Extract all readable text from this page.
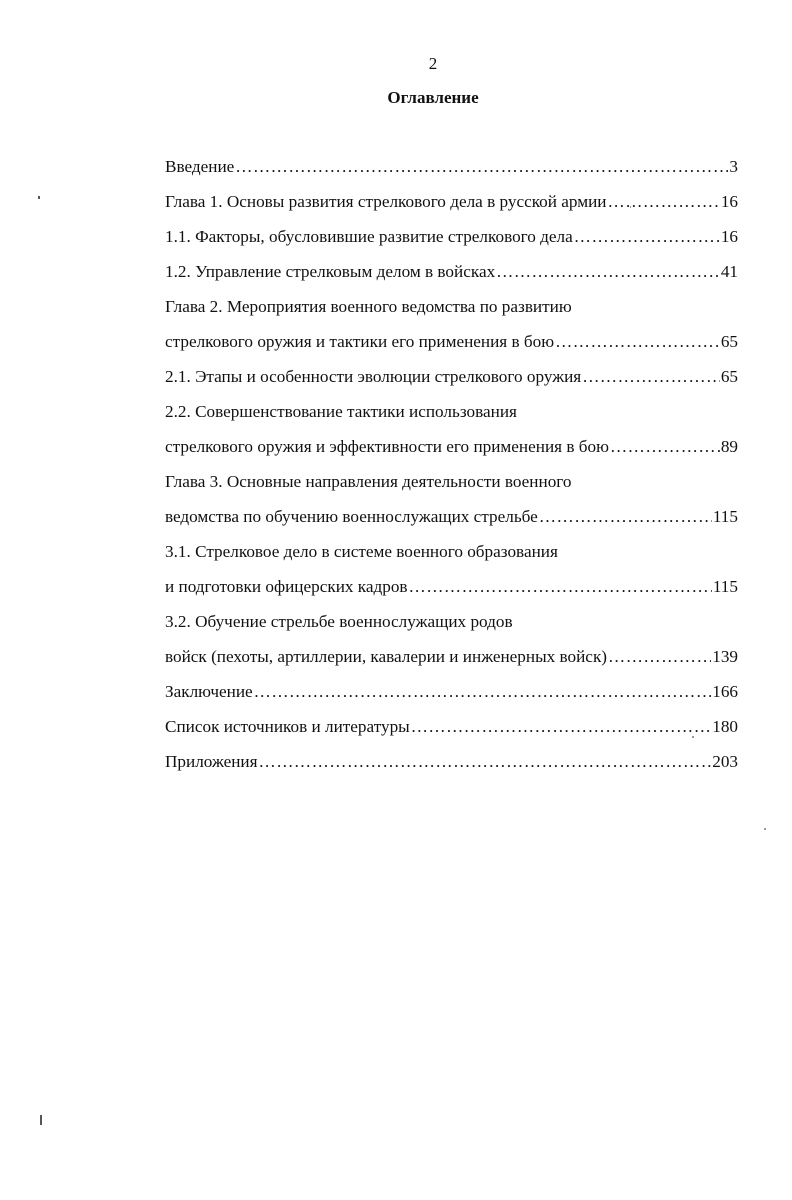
2
Оглавление
Введение ………………………………………………………………………………………………………………………………………………………………	3
Глава 1. Основы развития стрелкового дела в русской армии ………………………………………………………………………………………………………………………………………………………………	16
1.1. Факторы, обусловившие развитие стрелкового дела ………………………………………………………………………………………………………………………………………………………………	16
1.2. Управление стрелковым делом в войсках ………………………………………………………………………………………………………………………………………………………………	41
Глава 2. Мероприятия военного ведомства по развитию
стрелкового оружия и тактики его применения в бою ………………………………………………………………………………………………………………………………………………………………	65
2.1. Этапы и особенности эволюции стрелкового оружия ………………………………………………………………………………………………………………………………………………………………	65
2.2. Совершенствование тактики использования
стрелкового оружия и эффективности его применения в бою ………………………………………………………………………………………………………………………………………………………………	89
Глава 3. Основные направления деятельности военного
ведомства по обучению военнослужащих стрельбе ………………………………………………………………………………………………………………………………………………………………	115
3.1. Стрелковое дело в системе военного образования
и подготовки офицерских кадров ………………………………………………………………………………………………………………………………………………………………	115
3.2. Обучение стрельбе военнослужащих родов
войск (пехоты, артиллерии, кавалерии и инженерных войск) ………………………………………………………………………………………………………………………………………………………………	139
Заключение ………………………………………………………………………………………………………………………………………………………………	166
Список источников и литературы ………………………………………………………………………………………………………………………………………………………………	180
Приложения ………………………………………………………………………………………………………………………………………………………………	203
